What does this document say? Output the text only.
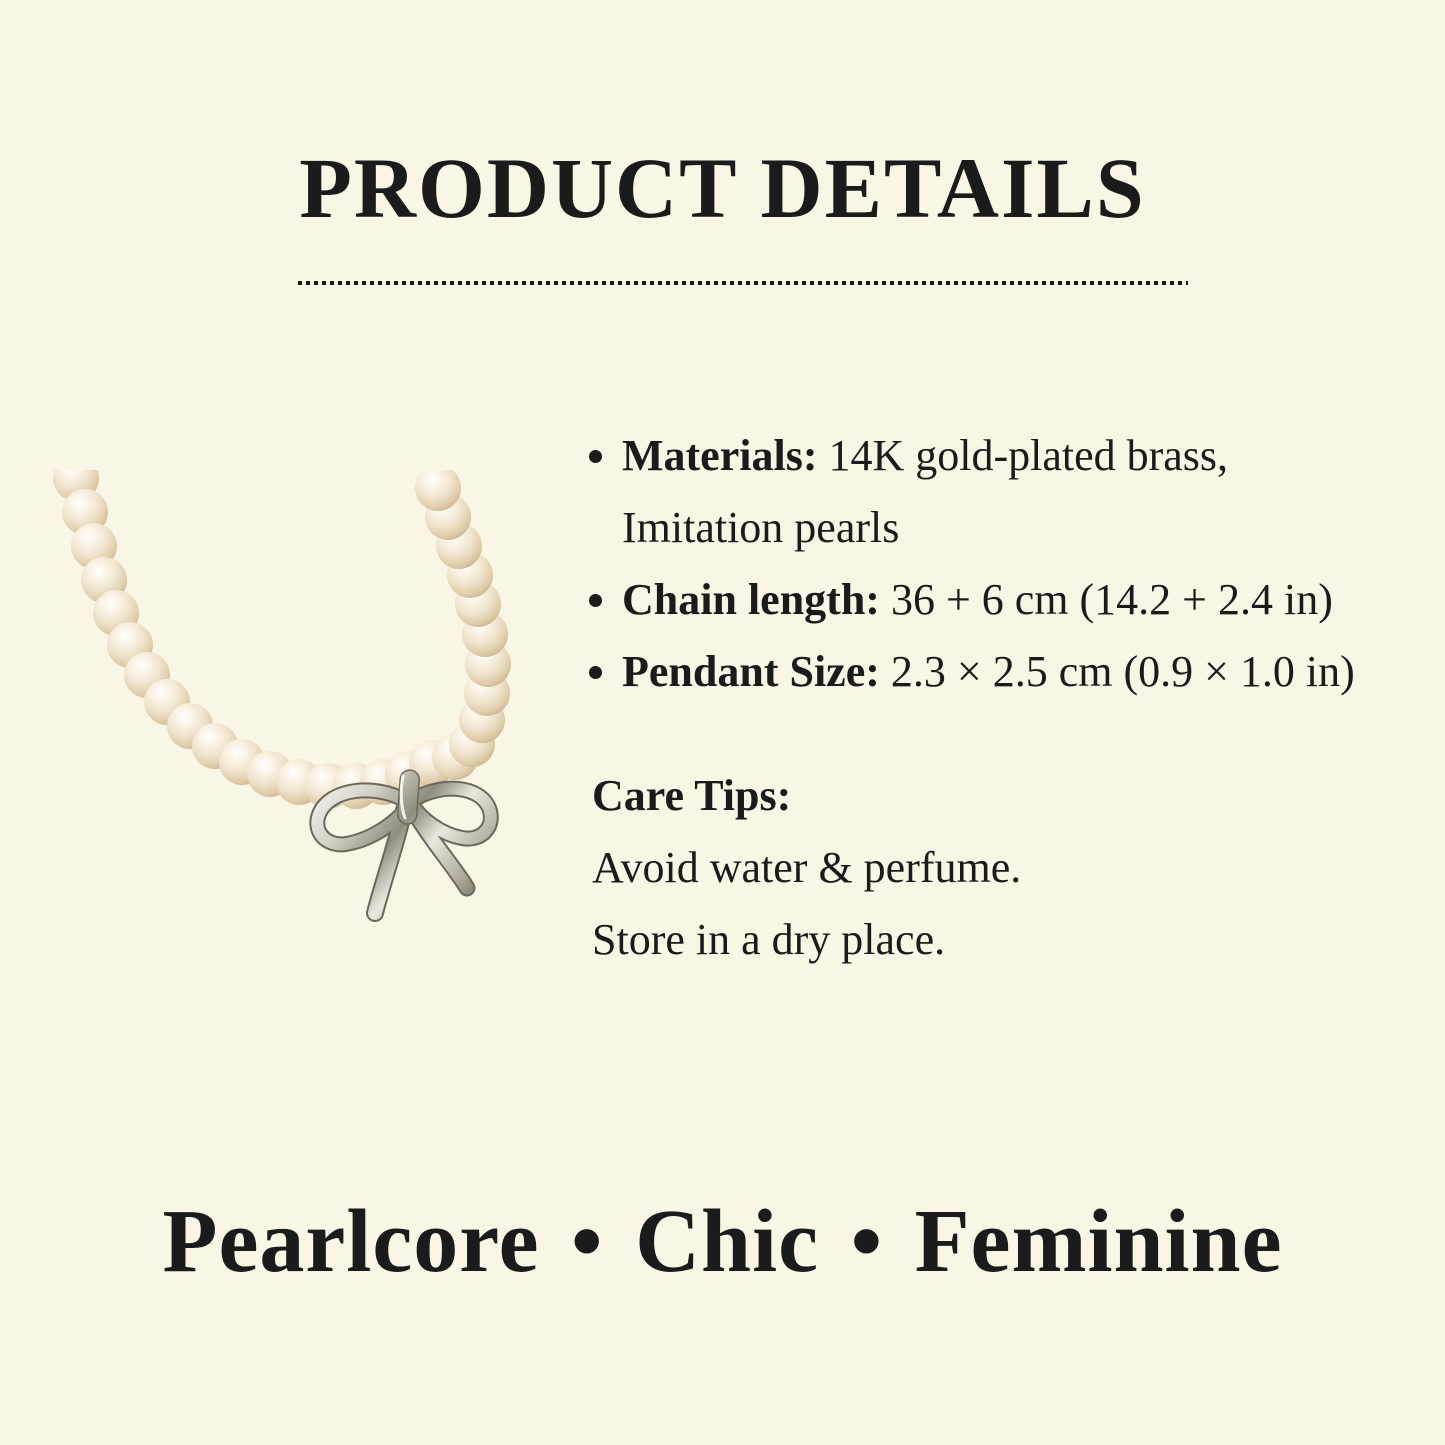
PRODUCT DETAILS
• Materials: 14K gold-plated brass,
Imitation pearls
• Chain length: 36 + 6 cm (14.2 + 2.4 in)
• Pendant Size: 2.3 × 2.5 cm (0.9 × 1.0 in)
Care Tips:
Avoid water & perfume.
Store in a dry place.
Pearlcore • Chic • Feminine
